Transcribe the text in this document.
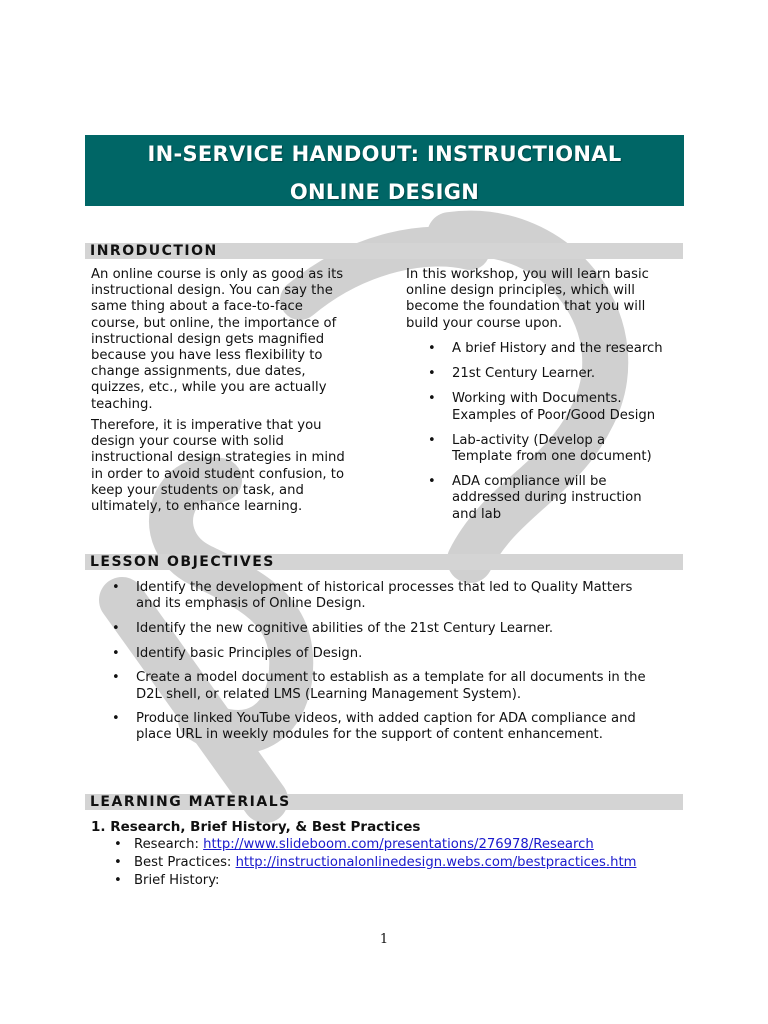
IN-SERVICE HANDOUT: INSTRUCTIONAL
ONLINE DESIGN
INRODUCTION
An online course is only as good as its
instructional design. You can say the
same thing about a face-to-face
course, but online, the importance of
instructional design gets magnified
because you have less flexibility to
change assignments, due dates,
quizzes, etc., while you are actually
teaching.
Therefore, it is imperative that you
design your course with solid
instructional design strategies in mind
in order to avoid student confusion, to
keep your students on task, and
ultimately, to enhance learning.
In this workshop, you will learn basic
online design principles, which will
become the foundation that you will
build your course upon.
• A brief History and the research
• 21st Century Learner.
• Working with Documents.
Examples of Poor/Good Design
• Lab-activity (Develop a
Template from one document)
• ADA compliance will be
addressed during instruction
and lab
LESSON OBJECTIVES
• Identify the development of historical processes that led to Quality Matters
and its emphasis of Online Design.
• Identify the new cognitive abilities of the 21st Century Learner.
• Identify basic Principles of Design.
• Create a model document to establish as a template for all documents in the
D2L shell, or related LMS (Learning Management System).
• Produce linked YouTube videos, with added caption for ADA compliance and
place URL in weekly modules for the support of content enhancement.
LEARNING MATERIALS
1. Research, Brief History, & Best Practices
• Research: http://www.slideboom.com/presentations/276978/Research
• Best Practices: http://instructionalonlinedesign.webs.com/bestpractices.htm
• Brief History:
1
